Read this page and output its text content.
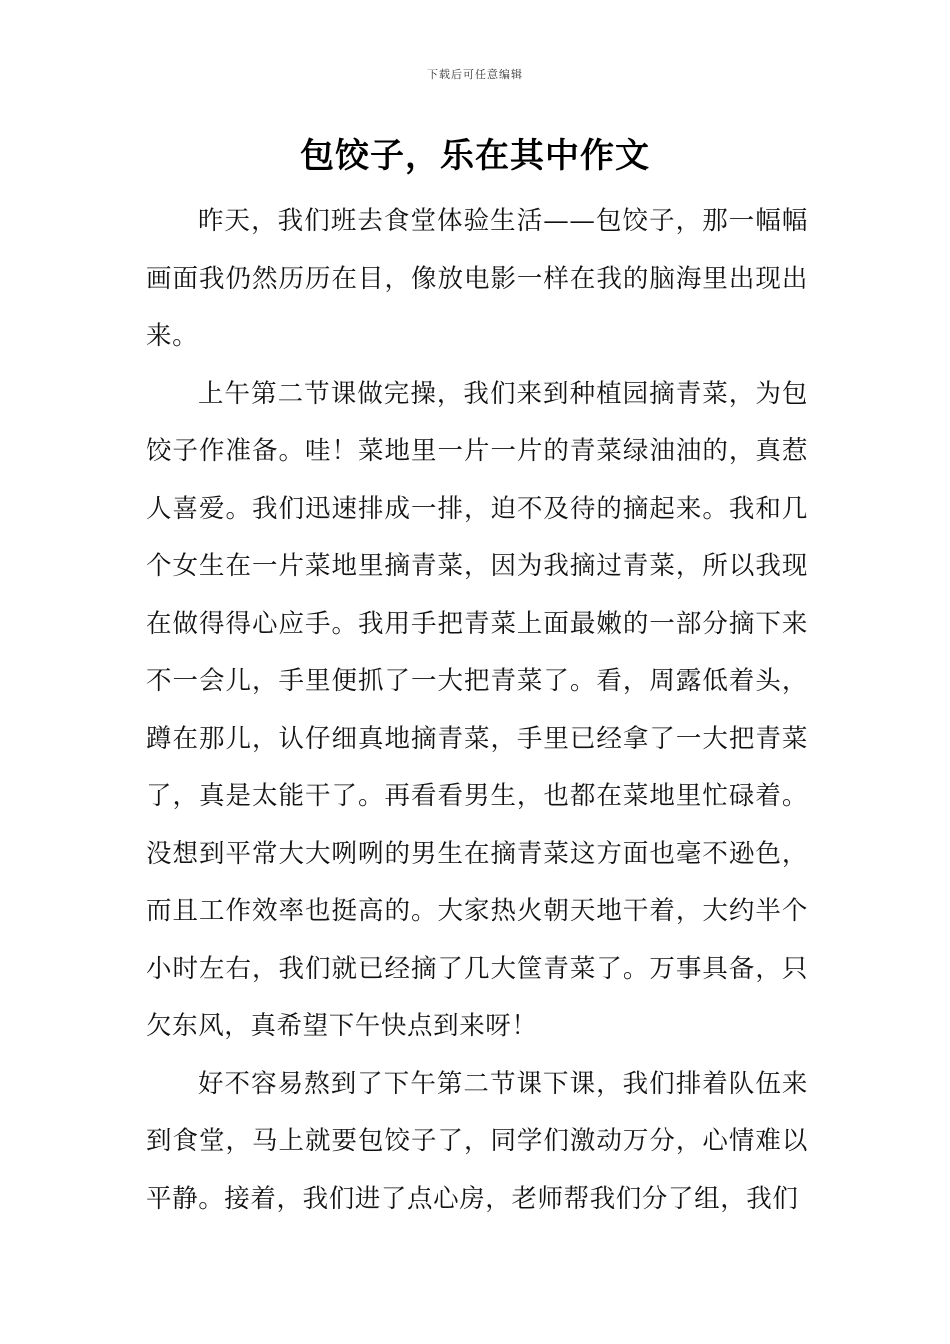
下载后可任意编辑
包饺子，乐在其中作文

昨天，我们班去食堂体验生活——包饺子，那一幅幅画面我仍然历历在目，像放电影一样在我的脑海里出现出来。

上午第二节课做完操，我们来到种植园摘青菜，为包饺子作准备。哇！菜地里一片一片的青菜绿油油的，真惹人喜爱。我们迅速排成一排，迫不及待的摘起来。我和几个女生在一片菜地里摘青菜，因为我摘过青菜，所以我现在做得得心应手。我用手把青菜上面最嫩的一部分摘下来不一会儿，手里便抓了一大把青菜了。看，周露低着头，蹲在那儿，认仔细真地摘青菜，手里已经拿了一大把青菜了，真是太能干了。再看看男生，也都在菜地里忙碌着。没想到平常大大咧咧的男生在摘青菜这方面也毫不逊色，而且工作效率也挺高的。大家热火朝天地干着，大约半个小时左右，我们就已经摘了几大筐青菜了。万事具备，只欠东风，真希望下午快点到来呀！

好不容易熬到了下午第二节课下课，我们排着队伍来到食堂，马上就要包饺子了，同学们激动万分，心情难以平静。接着，我们进了点心房，老师帮我们分了组，我们
